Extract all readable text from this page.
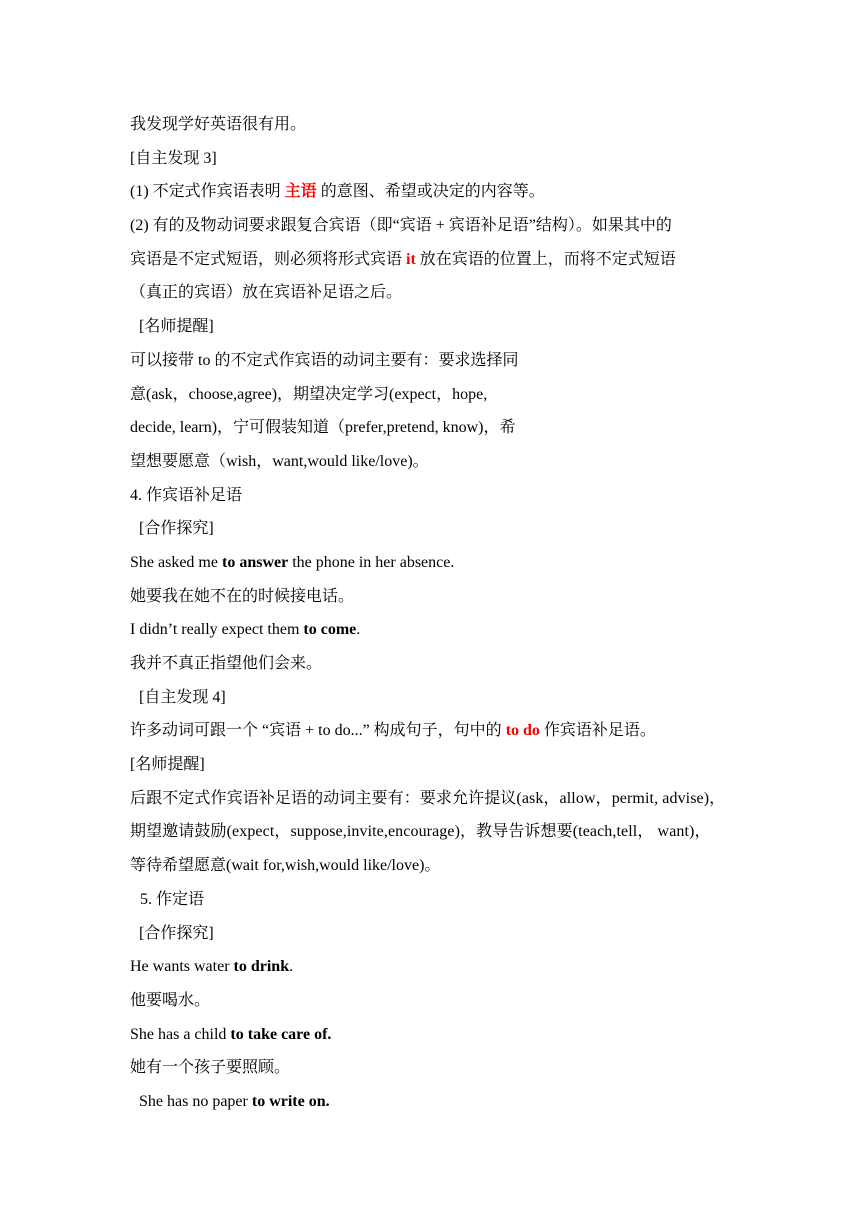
我发现学好英语很有用。
[自主发现 3]
(1) 不定式作宾语表明 主语 的意图、希望或决定的内容等。
(2) 有的及物动词要求跟复合宾语（即“宾语 + 宾语补足语”结构）。如果其中的
宾语是不定式短语，则必须将形式宾语 it 放在宾语的位置上，而将不定式短语
（真正的宾语）放在宾语补足语之后。
[名师提醒]
可以接带 to 的不定式作宾语的动词主要有：要求选择同
意(ask，choose,agree)，期望决定学习(expect，hope,
decide, learn)，宁可假装知道（prefer,pretend, know)，希
望想要愿意（wish，want,would like/love)。
4. 作宾语补足语
[合作探究]
She asked me to answer the phone in her absence.
她要我在她不在的时候接电话。
I didn’t really expect them to come.
我并不真正指望他们会来。
[自主发现 4]
许多动词可跟一个 “宾语 + to do...” 构成句子，句中的 to do 作宾语补足语。
[名师提醒]
后跟不定式作宾语补足语的动词主要有：要求允许提议(ask，allow，permit, advise)，
期望邀请鼓励(expect，suppose,invite,encourage)，教导告诉想要(teach,tell， want)，
等待希望愿意(wait for,wish,would like/love)。
5. 作定语
[合作探究]
He wants water to drink.
他要喝水。
She has a child to take care of.
她有一个孩子要照顾。
She has no paper to write on.
